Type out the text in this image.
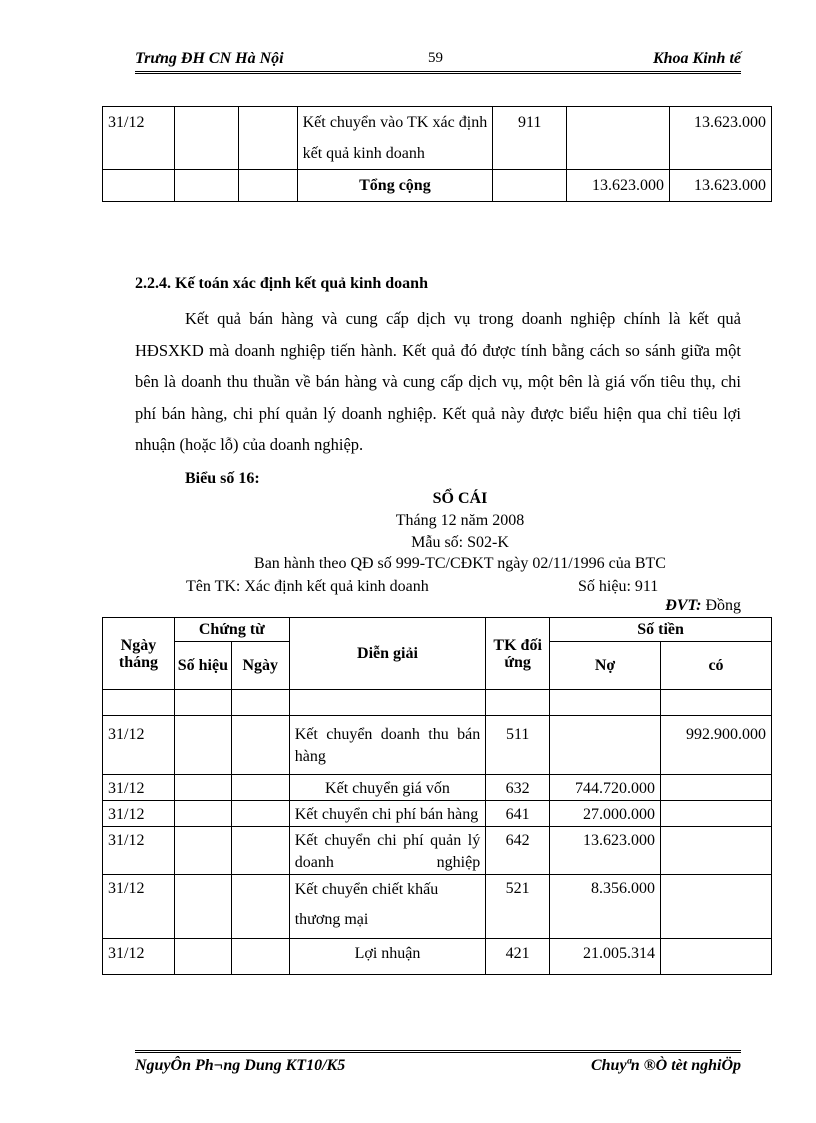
Trưng ĐH CN Hà Nội	59	Khoa Kinh tế
31/12			Kết chuyển vào TK xác định kết quả kinh doanh	911		13.623.000
			Tổng cộng		13.623.000	13.623.000
2.2.4. Kế toán xác định kết quả kinh doanh
Kết quả bán hàng và cung cấp dịch vụ trong doanh nghiệp chính là kết quả HĐSXKD mà doanh nghiệp tiến hành. Kết quả đó được tính bằng cách so sánh giữa một bên là doanh thu thuần về bán hàng và cung cấp dịch vụ, một bên là giá vốn tiêu thụ, chi phí bán hàng, chi phí quản lý doanh nghiệp. Kết quả này được biểu hiện qua chỉ tiêu lợi nhuận (hoặc lỗ) của doanh nghiệp.
Biểu số 16:
SỔ CÁI
Tháng 12 năm 2008
Mẫu số: S02-K
Ban hành theo QĐ số 999-TC/CĐKT ngày 02/11/1996 của BTC
Tên TK: Xác định kết quả kinh doanh	Số hiệu: 911
ĐVT: Đồng
Ngày tháng	Chứng từ		Diễn giải	TK đối ứng	Số tiền	
	Số hiệu	Ngày			Nợ	có

31/12			Kết chuyển doanh thu bán hàng	511		992.900.000
31/12			Kết chuyển giá vốn	632	744.720.000	
31/12			Kết chuyển chi phí bán hàng	641	27.000.000	
31/12			Kết chuyển chi phí quản lý doanh nghiệp	642	13.623.000	
31/12			Kết chuyển chiết khấu thương mại	521	8.356.000	
31/12			Lợi nhuận	421	21.005.314	
NguyÔn Ph¬ng Dung KT10/K5	Chuyªn ®Ò tèt nghiÖp
